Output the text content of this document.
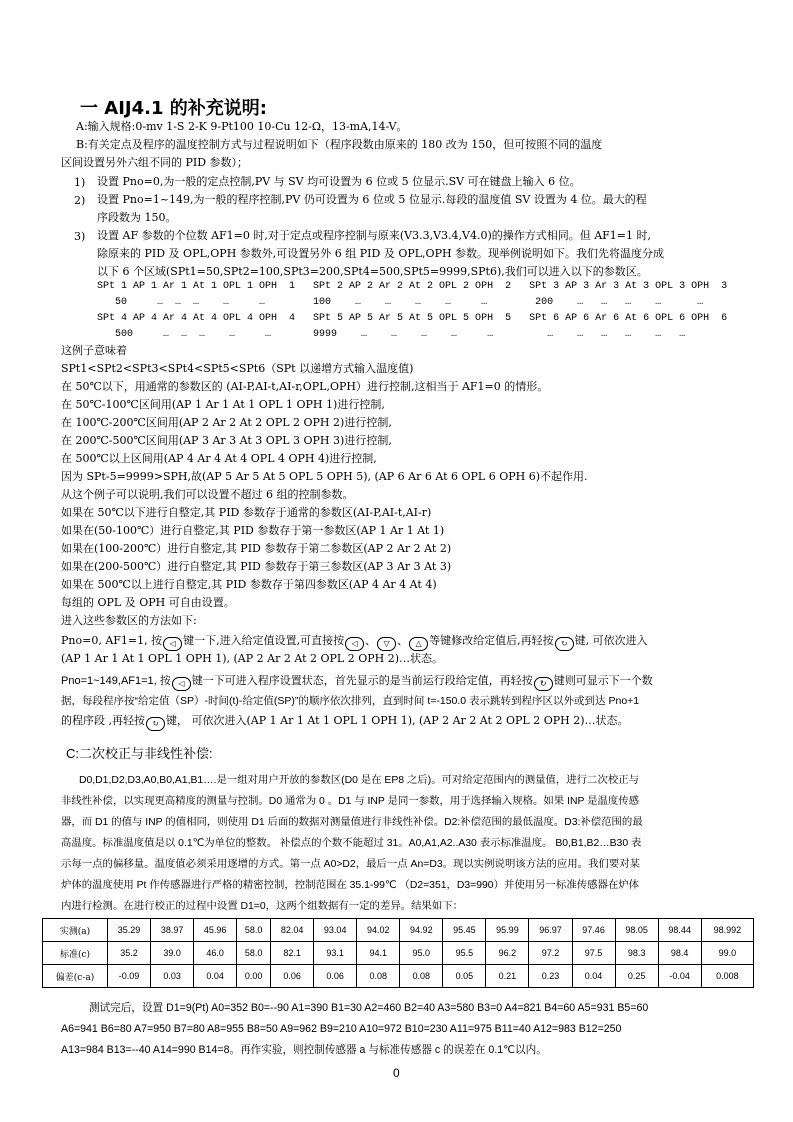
一 AIJ4.1 的补充说明:
A:输入规格:0-mv 1-S 2-K 9-Pt100 10-Cu 12-Ω，13-mA,14-V。
B:有关定点及程序的温度控制方式与过程说明如下（程序段数由原来的 180 改为 150，但可按照不同的温度
区间设置另外六组不同的 PID 参数）；
1) 设置 Pno=0,为一般的定点控制,PV 与 SV 均可设置为 6 位或 5 位显示.SV 可在键盘上输入 6 位。
2) 设置 Pno=1~149,为一般的程序控制,PV 仍可设置为 6 位或 5 位显示.每段的温度值 SV 设置为 4 位。最大的程
序段数为 150。
3) 设置 AF 参数的个位数 AF1=0 时,对于定点或程序控制与原来(V3.3,V3.4,V4.0)的操作方式相同。但 AF1=1 时,
除原来的 PID 及 OPL,OPH 参数外,可设置另外 6 组 PID 及 OPL,OPH 参数。现举例说明如下。我们先将温度分成
以下 6 个区域(SPt1=50,SPt2=100,SPt3=200,SPt4=500,SPt5=9999,SPt6),我们可以进入以下的参数区。
SPt 1 AP 1 Ar 1 At 1 OPL 1 OPH  1   SPt 2 AP 2 Ar 2 At 2 OPL 2 OPH  2   SPt 3 AP 3 Ar 3 At 3 OPL 3 OPH  3
50     …  …  …    …     …        100    …    …    …    …     …        200    …   …   …    …      …
SPt 4 AP 4 Ar 4 At 4 OPL 4 OPH  4   SPt 5 AP 5 Ar 5 At 5 OPL 5 OPH  5   SPt 6 AP 6 Ar 6 At 6 OPL 6 OPH  6
500     …  …  …    …     …       9999    …    …    …    …     …         …    …   …   …    …   …
这例子意味着
SPt1<SPt2<SPt3<SPt4<SPt5<SPt6（SPt 以递增方式输入温度值)
在 50℃以下，用通常的参数区的 (AI-P,AI-t,AI-r,OPL,OPH）进行控制,这相当于 AF1=0 的情形。
在 50℃-100℃区间用(AP 1 Ar 1 At 1 OPL 1 OPH 1)进行控制,
在 100℃-200℃区间用(AP 2 Ar 2 At 2 OPL 2 OPH 2)进行控制,
在 200℃-500℃区间用(AP 3 Ar 3 At 3 OPL 3 OPH 3)进行控制,
在 500℃以上区间用(AP 4 Ar 4 At 4 OPL 4 OPH 4)进行控制,
因为 SPt-5=9999>SPH,故(AP 5 Ar 5 At 5 OPL 5 OPH 5), (AP 6 Ar 6 At 6 OPL 6 OPH 6)不起作用.
从这个例子可以说明,我们可以设置不超过 6 组的控制参数。
如果在 50℃以下进行自整定,其 PID 参数存于通常的参数区(AI-P,AI-t,AI-r)
如果在(50-100℃）进行自整定,其 PID 参数存于第一参数区(AP 1 Ar 1 At 1)
如果在(100-200℃）进行自整定,其 PID 参数存于第二参数区(AP 2 Ar 2 At 2)
如果在(200-500℃）进行自整定,其 PID 参数存于第三参数区(AP 3 Ar 3 At 3)
如果在 500℃以上进行自整定,其 PID 参数存于第四参数区(AP 4 Ar 4 At 4)
每组的 OPL 及 OPH 可自由设置。
进入这些参数区的方法如下:
Pno=0, AF1=1, 按 ◁ 键一下,进入给定值设置,可直接按 ◁ 、 ▽ 、 △ 等键修改给定值后,再轻按 ↻ 键, 可依次进入
(AP 1 Ar 1 At 1 OPL 1 OPH 1), (AP 2 Ar 2 At 2 OPL 2 OPH 2)…状态。
Pno=1~149,AF1=1, 按 ◁ 键一下可进入程序设置状态，首先显示的是当前运行段给定值，再轻按 ↻ 键则可显示下一个数
据，每段程序按“给定值（SP）-时间(t)-给定值(SP)”的顺序依次排列，直到时间 t=-150.0 表示跳转到程序区以外或到达 Pno+1
的程序段 ,再轻按 ↻ 键， 可依次进入(AP 1 Ar 1 At 1 OPL 1 OPH 1), (AP 2 Ar 2 At 2 OPL 2 OPH 2)…状态。
C:二次校正与非线性补偿:
D0,D1,D2,D3,A0,B0,A1,B1….是一组对用户开放的参数区(D0 是在 EP8 之后)。可对给定范围内的测量值，进行二次校正与
非线性补偿，以实现更高精度的测量与控制。D0 通常为 0 。D1 与 INP 是同一参数，用于选择输入规格。如果 INP 是温度传感
器，而 D1 的值与 INP 的值相同，则使用 D1 后面的数据对测量值进行非线性补偿。D2:补偿范围的最低温度。D3:补偿范围的最
高温度。标准温度值是以 0.1℃为单位的整数。 补偿点的个数不能超过 31。A0,A1,A2..A30 表示标准温度。 B0,B1,B2…B30 表
示每一点的偏移量。温度值必须采用逐增的方式。第一点 A0>D2，最后一点 An=D3。现以实例说明该方法的应用。我们要对某
炉体的温度使用 Pt 作传感器进行严格的精密控制，控制范围在 35.1-99℃ （D2=351，D3=990）并使用另一标准传感器在炉体
内进行检测。在进行校正的过程中设置 D1=0，这两个组数据有一定的差异。结果如下：
实测(a)	35.29	38.97	45.96	58.0	82.04	93.04	94.02	94.92	95.45	95.99	96.97	97.46	98.05	98.44	98.992
标准(c)	35.2	39.0	46.0	58.0	82.1	93.1	94.1	95.0	95.5	96.2	97.2	97.5	98.3	98.4	99.0
偏差(c-a)	-0.09	0.03	0.04	0.00	0.06	0.06	0.08	0.08	0.05	0.21	0.23	0.04	0.25	-0.04	0.008
测试完后，设置 D1=9(Pt) A0=352 B0=--90 A1=390 B1=30 A2=460 B2=40 A3=580 B3=0 A4=821 B4=60 A5=931 B5=60
A6=941 B6=80 A7=950 B7=80 A8=955 B8=50 A9=962 B9=210 A10=972 B10=230 A11=975 B11=40 A12=983 B12=250
A13=984 B13=--40 A14=990 B14=8。再作实验，则控制传感器 a 与标准传感器 c 的误差在 0.1℃以内。
0
